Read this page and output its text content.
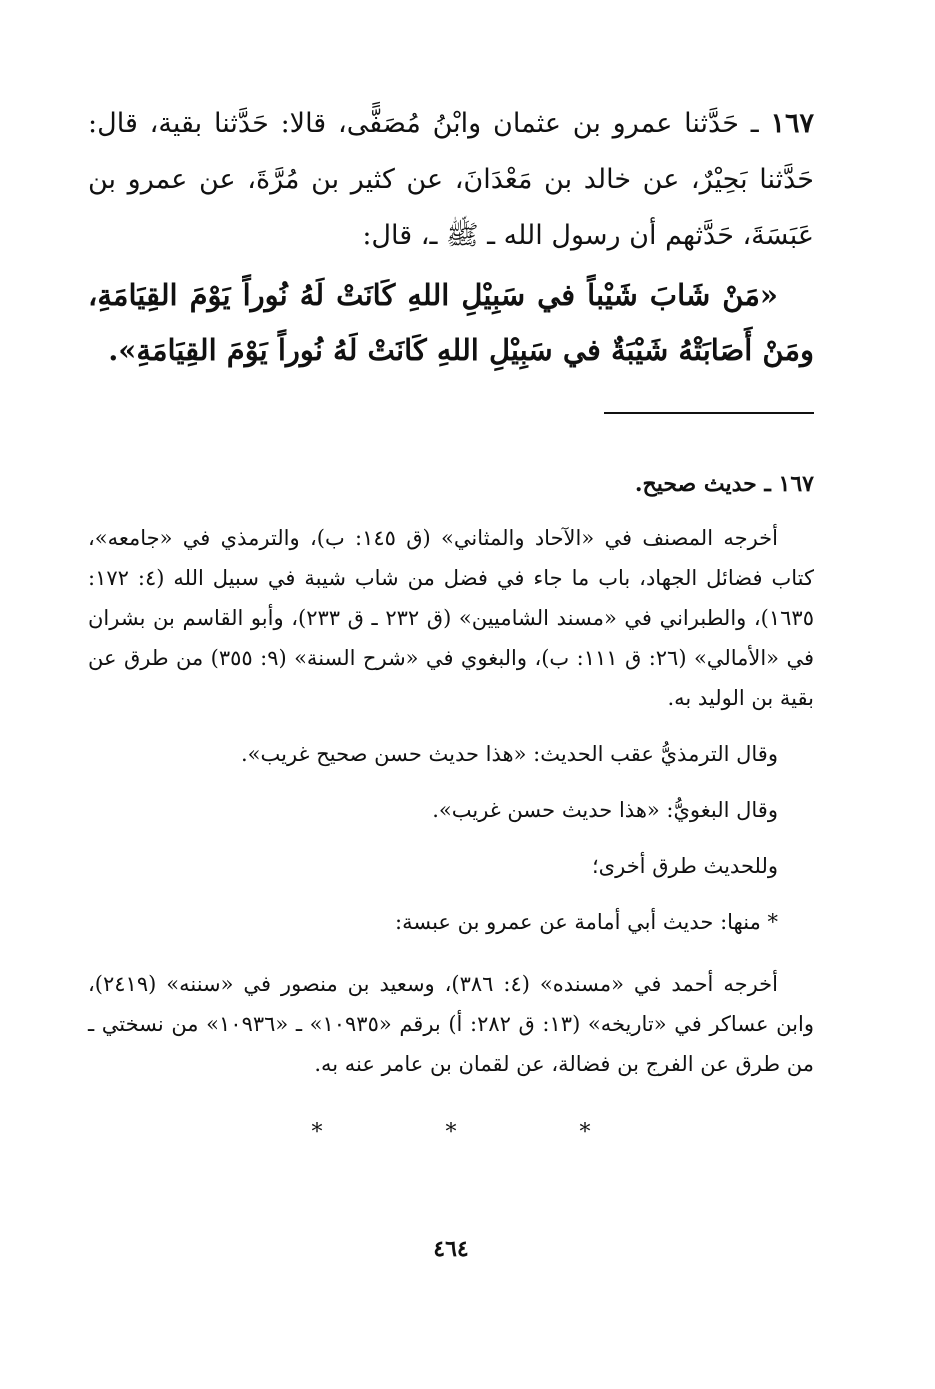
١٦٧ ـ حَدَّثنا عمرو بن عثمان وابْنُ مُصَفًّى، قالا: حَدَّثنا بقية، قال: حَدَّثنا بَحِيْرٌ، عن خالد بن مَعْدَانَ، عن كثير بن مُرَّةَ، عن عمرو بن عَبَسَةَ، حَدَّثهم أن رسول الله ـ ﷺ ـ، قال:

«مَنْ شَابَ شَيْباً في سَبِيْلِ اللهِ كَانَتْ لَهُ نُوراً يَوْمَ القِيَامَةِ، ومَنْ أَصَابَتْهُ شَيْبَةٌ في سَبِيْلِ اللهِ كَانَتْ لَهُ نُوراً يَوْمَ القِيَامَةِ».

١٦٧ ـ حديث صحيح.

أخرجه المصنف في «الآحاد والمثاني» (ق ١٤٥: ب)، والترمذي في «جامعه»، كتاب فضائل الجهاد، باب ما جاء في فضل من شاب شيبة في سبيل الله (٤: ١٧٢: ١٦٣٥)، والطبراني في «مسند الشاميين» (ق ٢٣٢ ـ ق ٢٣٣)، وأبو القاسم بن بشران في «الأمالي» (٢٦: ق ١١١: ب)، والبغوي في «شرح السنة» (٩: ٣٥٥) من طرق عن بقية بن الوليد به.

وقال الترمذيُّ عقب الحديث: «هذا حديث حسن صحيح غريب».

وقال البغويُّ: «هذا حديث حسن غريب».

وللحديث طرق أخرى؛

* منها: حديث أبي أمامة عن عمرو بن عبسة:

أخرجه أحمد في «مسنده» (٤: ٣٨٦)، وسعيد بن منصور في «سننه» (٢٤١٩)، وابن عساكر في «تاريخه» (١٣: ق ٢٨٢: أ) برقم «١٠٩٣٥» ـ «١٠٩٣٦» من نسختي ـ من طرق عن الفرج بن فضالة، عن لقمان بن عامر عنه به.

* * *
٤٦٤
